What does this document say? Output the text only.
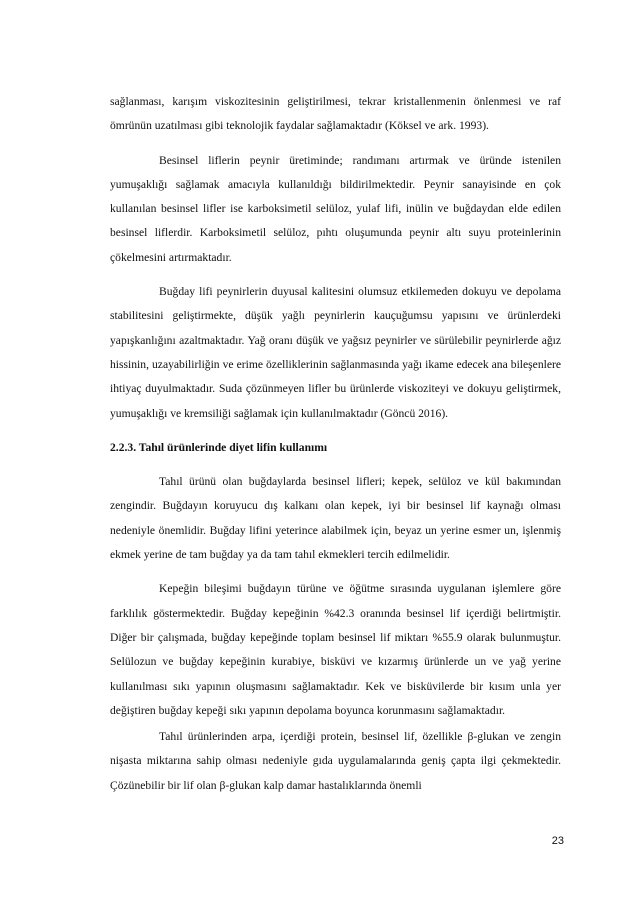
sağlanması, karışım viskozitesinin geliştirilmesi, tekrar kristallenmenin önlenmesi ve raf ömrünün uzatılması gibi teknolojik faydalar sağlamaktadır (Köksel ve ark. 1993).

Besinsel liflerin peynir üretiminde; randımanı artırmak ve üründe istenilen yumuşaklığı sağlamak amacıyla kullanıldığı bildirilmektedir. Peynir sanayisinde en çok kullanılan besinsel lifler ise karboksimetil selüloz, yulaf lifi, inülin ve buğdaydan elde edilen besinsel liflerdir. Karboksimetil selüloz, pıhtı oluşumunda peynir altı suyu proteinlerinin çökelmesini artırmaktadır.

Buğday lifi peynirlerin duyusal kalitesini olumsuz etkilemeden dokuyu ve depolama stabilitesini geliştirmekte, düşük yağlı peynirlerin kauçuğumsu yapısını ve ürünlerdeki yapışkanlığını azaltmaktadır. Yağ oranı düşük ve yağsız peynirler ve sürülebilir peynirlerde ağız hissinin, uzayabilirliğin ve erime özelliklerinin sağlanmasında yağı ikame edecek ana bileşenlere ihtiyaç duyulmaktadır. Suda çözünmeyen lifler bu ürünlerde viskoziteyi ve dokuyu geliştirmek, yumuşaklığı ve kremsiliği sağlamak için kullanılmaktadır (Göncü 2016).

2.2.3. Tahıl ürünlerinde diyet lifin kullanımı

Tahıl ürünü olan buğdaylarda besinsel lifleri; kepek, selüloz ve kül bakımından zengindir. Buğdayın koruyucu dış kalkanı olan kepek, iyi bir besinsel lif kaynağı olması nedeniyle önemlidir. Buğday lifini yeterince alabilmek için, beyaz un yerine esmer un, işlenmiş ekmek yerine de tam buğday ya da tam tahıl ekmekleri tercih edilmelidir.

Kepeğin bileşimi buğdayın türüne ve öğütme sırasında uygulanan işlemlere göre farklılık göstermektedir. Buğday kepeğinin %42.3 oranında besinsel lif içerdiği belirtmiştir. Diğer bir çalışmada, buğday kepeğinde toplam besinsel lif miktarı %55.9 olarak bulunmuştur. Selülozun ve buğday kepeğinin kurabiye, bisküvi ve kızarmış ürünlerde un ve yağ yerine kullanılması sıkı yapının oluşmasını sağlamaktadır. Kek ve bisküvilerde bir kısım unla yer değiştiren buğday kepeği sıkı yapının depolama boyunca korunmasını sağlamaktadır.

Tahıl ürünlerinden arpa, içerdiği protein, besinsel lif, özellikle β-glukan ve zengin nişasta miktarına sahip olması nedeniyle gıda uygulamalarında geniş çapta ilgi çekmektedir. Çözünebilir bir lif olan β-glukan kalp damar hastalıklarında önemli

23
